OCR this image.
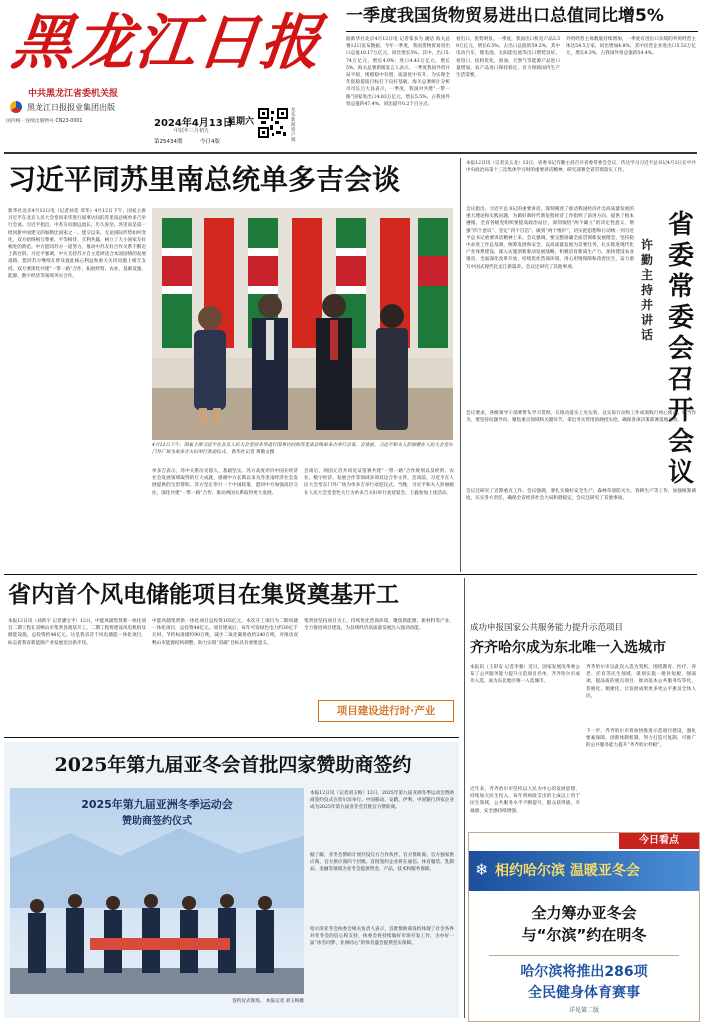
黑龙江日报
中共黑龙江省委机关报
黑龙江日报报业集团出版
国内统一连续出版物号 CN23-0001	2024年4月13日
星期六
甲辰年三月初五
第25434期	今日4版
龙头新闻客户端
一季度我国货物贸易进出口总值同比增5%
据新华社北京4月12日电 记者邹多为 潘洁 海关总署12日发布数据，今年一季度，我国货物贸易进出口总值10.17万亿元，同比增长5%。其中，出口5.74万亿元，增长4.9%；进口4.43万亿元，增长5%。海关总署新闻发言人表示，一季度我国外贸开局平稳，规模稳中有增，质量优中有升，为实现全年促稳提质目标打下良好基础。海关总署统计分析司司长吕大良表示，一季度，我国对共建“一带一路”国家进出口4.83万亿元，增长5.5%，占我国外贸总值的47.4%，同比提升0.2个百分点。
看出口，优势明显。一季度，我国出口机电产品3.39万亿元，增长6.5%，占出口总值的59.2%，其中电动汽车、锂电池、太阳能电池等出口增势良好。看进口，结构优化，原油、天然气等能源产品进口量增加，农产品进口保持稳定，有力保障国内生产生活需要。
外贸经营主体数量持续增加，一季度有进出口实绩的外贸经营主体达54.5万家，同比增加4.8%，其中民营企业进出口5.53万亿元，增长8.3%，占我国外贸总值的54.4%。
习近平同苏里南总统单多吉会谈
新华社北京4月12日电（记者孙奕 邓华）4月12日下午，国家主席习近平在北京人民大会堂同来华进行国事访问的苏里南总统单多吉举行会谈。习近平指出，中苏友谊源远流长、历久弥坚。苏里南是第一批同新中国建交的加勒比国家之一。建交以来，无论国际形势如何变化，双方始终相互尊重、平等相待、互利共赢，树立了大小国家友好相处的典范。中方愿同苏方一道努力，推动中苏友好合作关系不断迈上新台阶。习近平强调，中方支持苏方自主选择适合本国国情的发展道路，愿同苏方继续在涉及彼此核心利益和重大关切问题上相互支持。双方要深化共建“一带一路”合作，拓展经贸、农业、基础设施、能源、数字经济等领域务实合作。
4月12日下午，国家主席习近平在北京人民大会堂同来华进行国事访问的苏里南总统单多吉举行会谈。会谈前，习近平和夫人彭丽媛在人民大会堂东门外广场为单多吉夫妇举行欢迎仪式。 新华社记者 黄敬文摄
单多吉表示，苏中关系历史悠久、基础坚实。苏方高度评价中国在经济社会发展领域取得的巨大成就，感谢中方长期以来为苏里南经济社会发展提供的宝贵帮助。苏方坚定奉行一个中国政策，愿同中方加强高层交往，深化共建“一带一路”合作，推动两国关系取得更大发展。
会谈后，两国元首共同见证签署共建“一带一路”合作规划以及经贸、农业、数字经济、发展合作等领域多项双边合作文件。会谈前，习近平在人民大会堂东门外广场为单多吉举行欢迎仪式。当晚，习近平和夫人彭丽媛在人民大会堂金色大厅为单多吉夫妇举行欢迎宴会。王毅参加上述活动。
本报12日讯（记者吴玉龙）12日，省委书记许勤主持召开省委常委会会议，传达学习习近平总书记4月2日在中共中央政治局第十三次集体学习时的重要讲话精神，研究部署全省贯彻落实工作。
省委常委会召开会议
许勤主持并讲话
会议指出，习近平总书记的重要讲话，深刻阐述了推动我国经济社会高质量发展的重大理论和实践问题，为做好新时代新征程经济工作指明了前进方向、提供了根本遵循。全省各级党组织要提高政治站位，深刻领悟“两个确立”的决定性意义，增强“四个意识”、坚定“四个自信”、做到“两个维护”，切实把思想和行动统一到习近平总书记重要讲话精神上来。会议强调，要完整准确全面贯彻新发展理念，坚持稳中求进工作总基调，统筹发展和安全，以高质量发展为首要任务，扎实推进现代化产业体系建设，深入实施创新驱动发展战略，积极培育新质生产力，加快建设农业强省，全面深化改革开放，持续优化营商环境，用心用情保障和改善民生，奋力谱写中国式现代化龙江新篇章。会议还研究了其他事项。
会议要求，各级领导干部要带头学习贯彻，在推动落实上见实效，以实际行动和工作成效践行初心使命、担当作为。要坚持问题导向，聚焦重点领域和关键环节，拿出务实管用的硬招实招，确保各项决策部署落地见效。
会议还研究了近期重点工作。会议强调，要扎实做好安全生产、森林草原防灭火、春耕生产等工作，加强统筹调度，压实各方责任，确保全省经济社会大局和谐稳定。会议还研究了其他事项。
省内首个风电储能项目在集贤奠基开工
本报12日讯（刘新宇 记者潘宝平）12日，中能风储集贤新一体化项目二期工程在双鸭山市集贤县奠基开工。二期工程将建设风电机组及储能设施，总投资约48亿元。这是我省首个风电储能一体化项目，标志着我省新能源产业发展迈出新步伐。
中能风储集贤新一体化项目总投资105亿元，本次开工项目为二期风储一体化项目，总投资48亿元。项目建成后，每年可发绿色电力约30亿千瓦时，节约标准煤约90万吨，减少二氧化碳排放约240万吨，对推动双鸭山市能源结构调整、助力实现“双碳”目标具有重要意义。
集贤县坚持项目为王，持续优化营商环境，聚焦新能源、新材料等产业，全力推进项目建设，为县域经济高质量发展注入强劲动能。
项目建设进行时·产业
2025年第九届亚冬会首批四家赞助商签约
2025年第九届亚洲冬季运动会
赞助商签约仪式
签约仪式现场。 本报记者 刘玉梅摄
本报12日讯（记者刘玉梅）12日，2025年第九届亚洲冬季运动会赞助商签约仪式在哈尔滨举行。中国移动、安踏、伊利、中国银行四家企业成为2025年第九届亚冬会首批官方赞助商。
据了解，亚冬会赞助计划共设官方合作伙伴、官方赞助商、官方独家供应商、官方供应商四个层级。首批签约企业将在通信、体育服装、乳制品、金融等领域为亚冬会提供资金、产品、技术和服务保障。
哈尔滨亚冬会执委会相关负责人表示，首批赞助商签约体现了社会各界对亚冬会的信心和支持，执委会将持续做好市场开发工作，为办好一届“冰雪同梦、亚洲同心”的体育盛会提供坚实保障。
成功申报国家公共服务能力提升示范项目
齐齐哈尔成为东北唯一入选城市
本报讯（王彩安 记者李强）近日，国家发展改革委公布了公共服务能力提升示范项目名单，齐齐哈尔市成功入选，成为东北地区唯一入选城市。
齐齐哈尔市以此次入选为契机，围绕教育、医疗、养老、托育等民生领域，谋划实施一批补短板、强弱项、提品质的重点项目，推动基本公共服务均等化、普惠化、便捷化，让发展成果更多更公平惠及全体人民。
近年来，齐齐哈尔市坚持以人民为中心的发展思想，持续加大民生投入，每年将财政支出的七成以上用于民生领域，公共服务水平不断提升，群众获得感、幸福感、安全感持续增强。
下一步，齐齐哈尔市将加快推进示范项目建设，强化要素保障，创新体制机制，努力打造可复制、可推广的公共服务能力提升“齐齐哈尔样板”。
今日看点
❄ 相约哈尔滨 温暖亚冬会
全力筹办亚冬会
与“尔滨”约在明冬
哈尔滨将推出286项
全民健身体育赛事
详见第二版
